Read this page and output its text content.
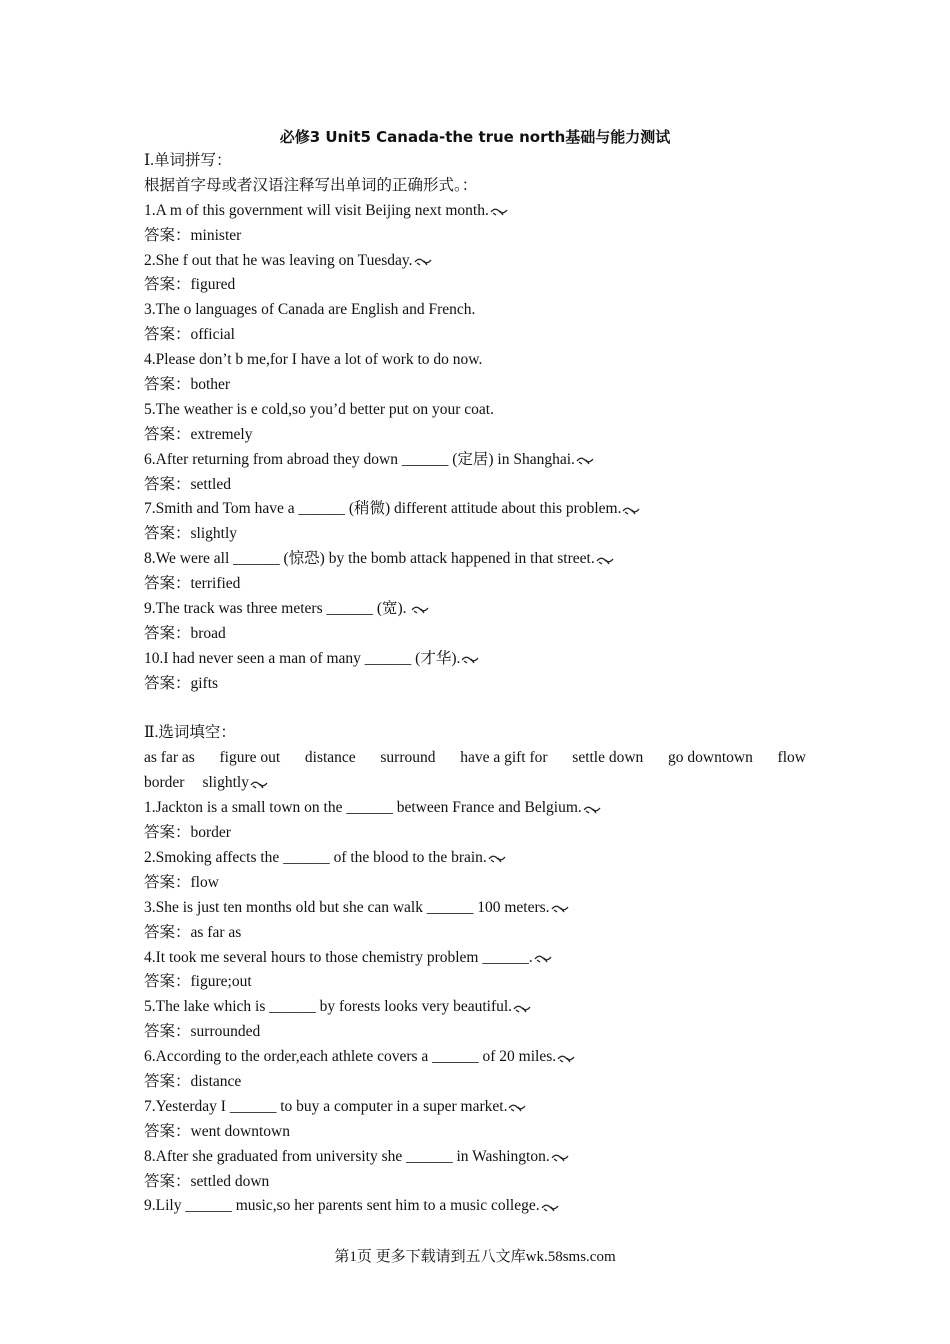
必修3 Unit5 Canada-the true north基础与能力测试
Ⅰ.单词拼写：
根据首字母或者汉语注释写出单词的正确形式。：
1.A m of this government will visit Beijing next month.
答案：minister
2.She f out that he was leaving on Tuesday.
答案：figured
3.The o languages of Canada are English and French.
答案：official
4.Please don’t b me,for I have a lot of work to do now.
答案：bother
5.The weather is e cold,so you’d better put on your coat.
答案：extremely
6.After returning from abroad they down ______ (定居) in Shanghai.
答案：settled
7.Smith and Tom have a ______ (稍微) different attitude about this problem.
答案：slightly
8.We were all ______ (惊恐) by the bomb attack happened in that street.
答案：terrified
9.The track was three meters ______ (宽).
答案：broad
10.I had never seen a man of many ______ (才华).
答案：gifts
Ⅱ.选词填空：
as far as figure out distance surround have a gift for settle down go downtown flow
border slightly
1.Jackton is a small town on the ______ between France and Belgium.
答案：border
2.Smoking affects the ______ of the blood to the brain.
答案：flow
3.She is just ten months old but she can walk ______ 100 meters.
答案：as far as
4.It took me several hours to those chemistry problem ______.
答案：figure;out
5.The lake which is ______ by forests looks very beautiful.
答案：surrounded
6.According to the order,each athlete covers a ______ of 20 miles.
答案：distance
7.Yesterday I ______ to buy a computer in a super market.
答案：went downtown
8.After she graduated from university she ______ in Washington.
答案：settled down
9.Lily ______ music,so her parents sent him to a music college.
第1页 更多下载请到五八文库wk.58sms.com
